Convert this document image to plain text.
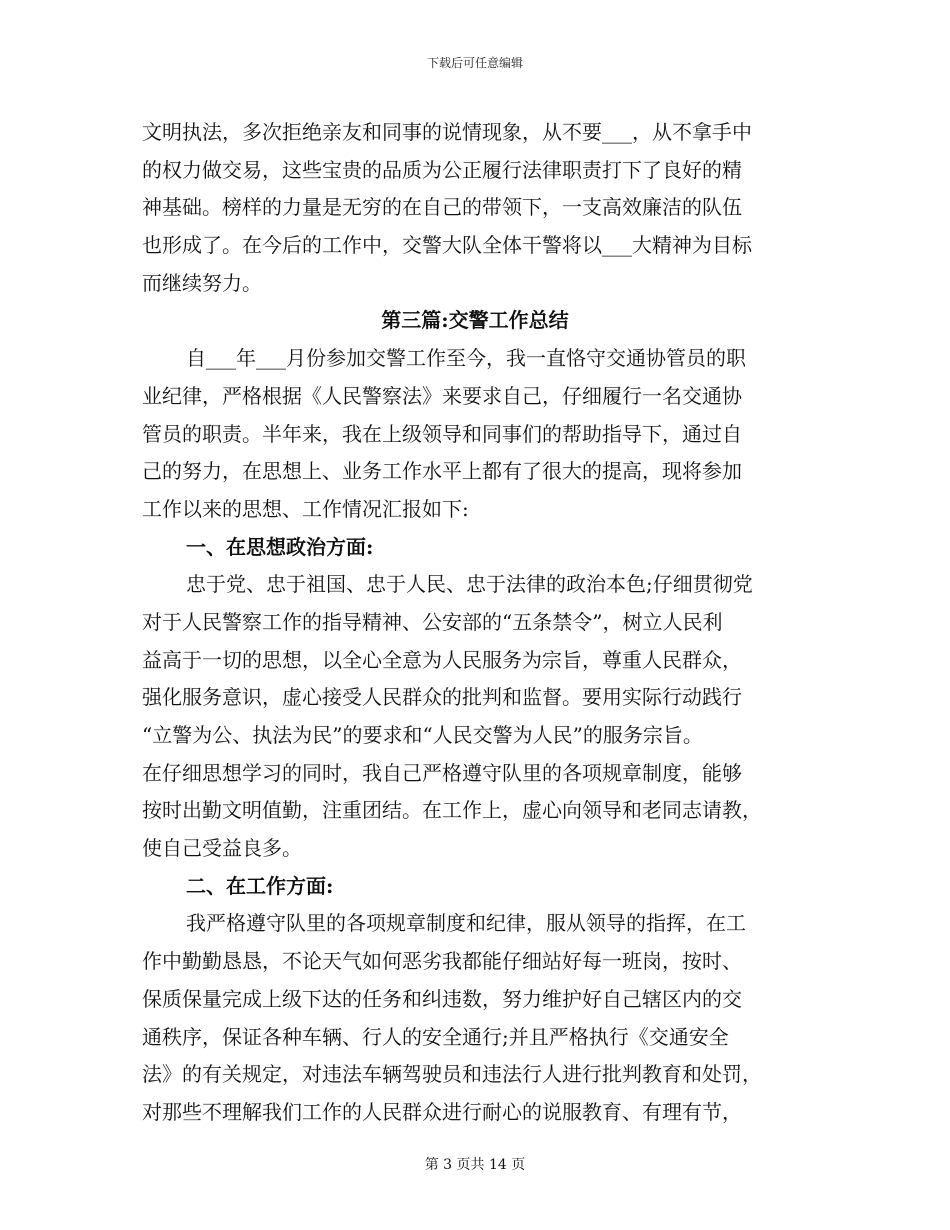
下载后可任意编辑
文明执法，多次拒绝亲友和同事的说情现象，从不要___，从不拿手中
的权力做交易，这些宝贵的品质为公正履行法律职责打下了良好的精
神基础。榜样的力量是无穷的在自己的带领下，一支高效廉洁的队伍
也形成了。在今后的工作中，交警大队全体干警将以___大精神为目标
而继续努力。
第三篇:交警工作总结
自___年___月份参加交警工作至今，我一直恪守交通协管员的职
业纪律，严格根据《人民警察法》来要求自己，仔细履行一名交通协
管员的职责。半年来，我在上级领导和同事们的帮助指导下，通过自
己的努力，在思想上、业务工作水平上都有了很大的提高，现将参加
工作以来的思想、工作情况汇报如下:
一、在思想政治方面:
忠于党、忠于祖国、忠于人民、忠于法律的政治本色;仔细贯彻党
对于人民警察工作的指导精神、公安部的“五条禁令”，树立人民利
益高于一切的思想，以全心全意为人民服务为宗旨，尊重人民群众，
强化服务意识，虚心接受人民群众的批判和监督。要用实际行动践行
“立警为公、执法为民”的要求和“人民交警为人民”的服务宗旨。
在仔细思想学习的同时，我自己严格遵守队里的各项规章制度，能够
按时出勤文明值勤，注重团结。在工作上，虚心向领导和老同志请教，
使自己受益良多。
二、在工作方面:
我严格遵守队里的各项规章制度和纪律，服从领导的指挥，在工
作中勤勤恳恳，不论天气如何恶劣我都能仔细站好每一班岗，按时、
保质保量完成上级下达的任务和纠违数，努力维护好自己辖区内的交
通秩序，保证各种车辆、行人的安全通行;并且严格执行《交通安全
法》的有关规定，对违法车辆驾驶员和违法行人进行批判教育和处罚，
对那些不理解我们工作的人民群众进行耐心的说服教育、有理有节，
第 3 页共 14 页
